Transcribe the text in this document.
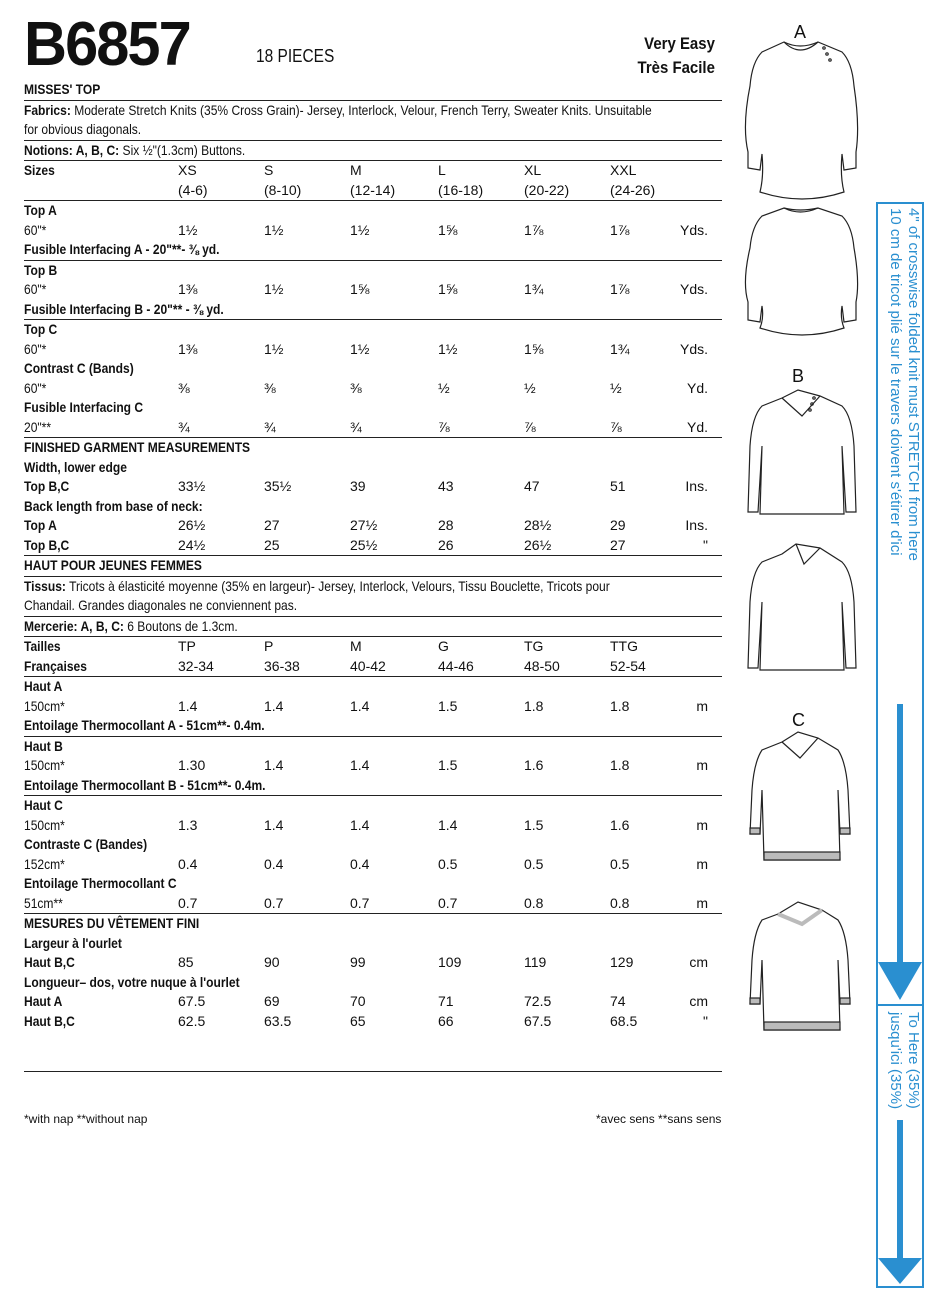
B6857	18 PIECES
Very Easy
Très Facile
MISSES' TOP
Fabrics: Moderate Stretch Knits (35% Cross Grain)- Jersey, Interlock, Velour, French Terry, Sweater Knits. Unsuitable
for obvious diagonals.
Notions: A, B, C: Six ½"(1.3cm) Buttons.
Sizes	XS	S	M	L	XL	XXL
(4-6)	(8-10)	(12-14)	(16-18)	(20-22)	(24-26)
Top A
60"*	1½	1½	1½	1⅝	1⅞	1⅞	Yds.
Fusible Interfacing A - 20"**- ⅜ yd.
Top B
60"*	1⅜	1½	1⅝	1⅝	1¾	1⅞	Yds.
Fusible Interfacing B - 20"** - ⅜ yd.
Top C
60"*	1⅜	1½	1½	1½	1⅝	1¾	Yds.
Contrast C (Bands)
60"*	⅜	⅜	⅜	½	½	½	Yd.
Fusible Interfacing C
20"**	¾	¾	¾	⅞	⅞	⅞	Yd.
FINISHED GARMENT MEASUREMENTS
Width, lower edge
Top B,C	33½	35½	39	43	47	51	Ins.
Back length from base of neck:
Top A	26½	27	27½	28	28½	29	Ins.
Top B,C	24½	25	25½	26	26½	27	"
HAUT POUR JEUNES FEMMES
Tissus: Tricots à élasticité moyenne (35% en largeur)- Jersey, Interlock, Velours, Tissu Bouclette, Tricots pour
Chandail. Grandes diagonales ne conviennent pas.
Mercerie: A, B, C: 6 Boutons de 1.3cm.
Tailles	TP	P	M	G	TG	TTG
Françaises	32-34	36-38	40-42	44-46	48-50	52-54
Haut A
150cm*	1.4	1.4	1.4	1.5	1.8	1.8	m
Entoilage Thermocollant A - 51cm**- 0.4m.
Haut B
150cm*	1.30	1.4	1.4	1.5	1.6	1.8	m
Entoilage Thermocollant B - 51cm**- 0.4m.
Haut C
150cm*	1.3	1.4	1.4	1.4	1.5	1.6	m
Contraste C (Bandes)
152cm*	0.4	0.4	0.4	0.5	0.5	0.5	m
Entoilage Thermocollant C
51cm**	0.7	0.7	0.7	0.7	0.8	0.8	m
MESURES DU VÊTEMENT FINI
Largeur à l'ourlet
Haut B,C	85	90	99	109	119	129	cm
Longueur– dos, votre nuque à l'ourlet
Haut A	67.5	69	70	71	72.5	74	cm
Haut B,C	62.5	63.5	65	66	67.5	68.5	"
*with nap **without nap	*avec sens **sans sens
A
B
C
4" of crosswise folded knit must STRETCH from here
10 cm de tricot plié sur le travers doivent s'étirer d'ici
To Here (35%)
jusqu'ici (35%)
